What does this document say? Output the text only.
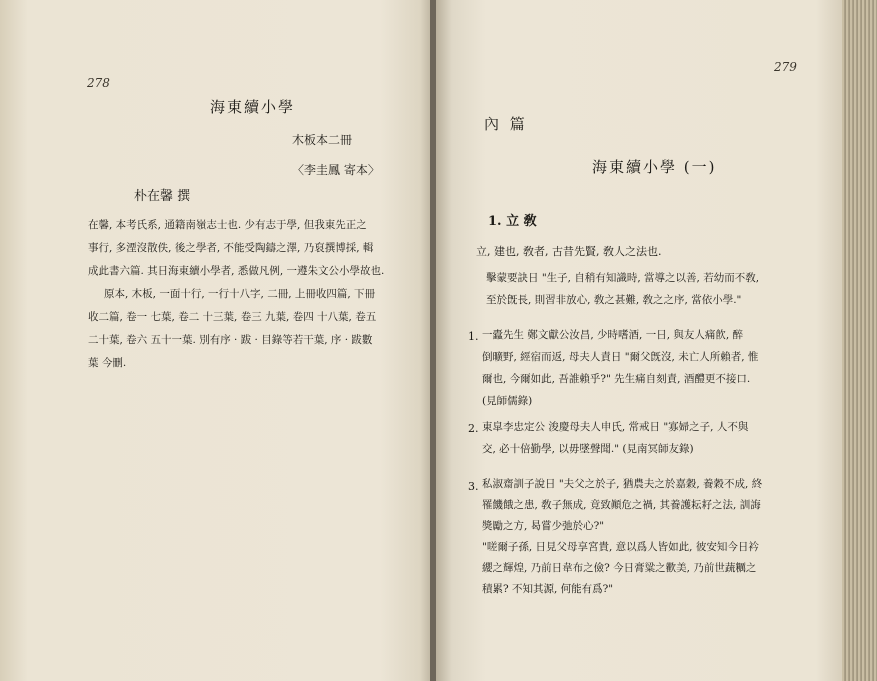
278
海東續小學
木板本二冊
〈李圭鳳 寄本〉
朴在馨 撰
在馨, 本考氏系, 通籍南嶺志士也. 少有志于學, 但我東先正之
事行, 多湮沒散佚, 後之學者, 不能受陶鑄之澤, 乃裒撰博採, 輯
成此書六篇. 其日海東續小學者, 悉做凡例, 一遵朱文公小學故也.
原本, 木板, 一面十行, 一行十八字, 二冊, 上冊收四篇, 下冊
收二篇, 卷一 七葉, 卷二 十三葉, 卷三 九葉, 卷四 十八葉, 卷五
二十葉, 卷六 五十一葉. 別有序 · 跋 · 目錄等若干葉, 序 · 跋數
葉 今刪.
279
內 篇
海東續小學 (一)
1. 立 敎
立, 建也, 敎者, 古昔先賢, 敎人之法也.
擊蒙要訣日 "生子, 自稍有知識時, 當導之以善, 若幼而不敎,
至於旣長, 則習非放心, 敎之甚難, 敎之之序, 當依小學."
1. 一蠹先生 鄭文獻公汝昌, 少時嗜酒, 一日, 與友人痛飮, 醉
倒曠野, 經宿而返, 母夫人責日 "爾父旣沒, 未亡人所賴者, 惟
爾也, 今爾如此, 吾誰賴乎?" 先生痛自刻責, 酒醴更不接口.
(見師儒錄)
2. 東皐李忠定公 浚慶母夫人申氏, 常戒日 "寡婦之子, 人不與
交, 必十倍勤學, 以毋墜聲聞." (見南冥師友錄)
3. 私淑齋訓子說日 "夫父之於子, 猶農夫之於嘉穀, 養穀不成, 終
罹饑餓之患, 敎子無成, 竟致顚危之禍, 其養護耘耔之法, 訓誨
獎勵之方, 曷嘗少弛於心?"
"嗟爾子孫, 日見父母享宮貴, 意以爲人皆如此, 彼安知今日衿
纓之輝煌, 乃前日韋布之儉? 今日膏粱之歡美, 乃前世蔬糲之
積累? 不知其源, 何能有爲?"
